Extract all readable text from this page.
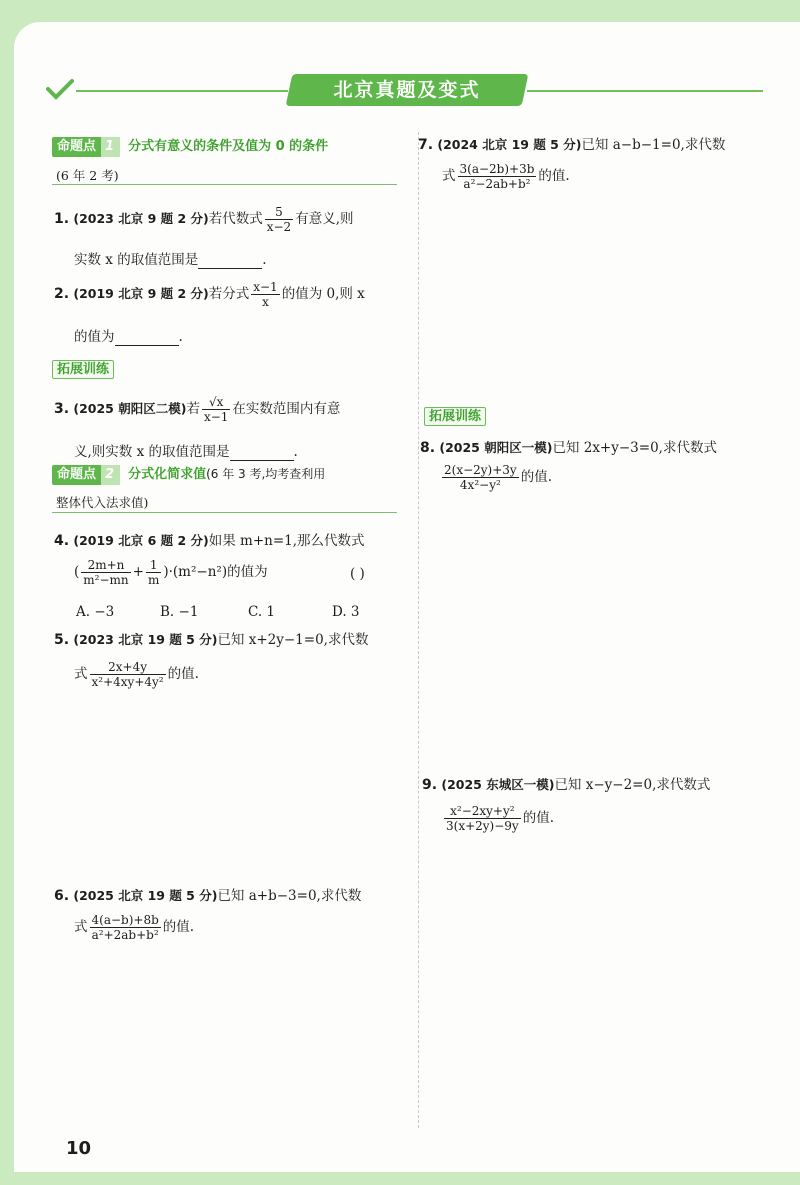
北京真题及变式
命题点 1 分式有意义的条件及值为 0 的条件
(6 年 2 考)
1. (2023 北京 9 题 2 分)若代数式 $\frac{5}{x-2}$ 有意义,则
实数 x 的取值范围是	.
2. (2019 北京 9 题 2 分)若分式 $\frac{x-1}{x}$ 的值为 0,则 x
的值为	.
拓展训练
3. (2025 朝阳区二模)若 $\frac{√x}{x-1}$ 在实数范围内有意
义,则实数 x 的取值范围是	.
命题点 2 分式化简求值(6 年 3 考,均考查利用
整体代入法求值)
4. (2019 北京 6 题 2 分)如果 m+n=1,那么代数式
( $\frac{2m+n}{\text{m²−mn}} + \frac{1}{m} )\cdot(m^2-n^2)$的值为	( )
A. −3	B. −1	C. 1	D. 3
5. (2023 北京 19 题 5 分)已知 x+2y−1=0,求代数
式 $\frac{2x+4y}{\text{x²+4xy+4y²}}$ 的值.
6. (2025 北京 19 题 5 分)已知 a+b−3=0,求代数
式 $\frac{4(a-b)+8b}{\text{a²+2ab+b²}}$ 的值.
7. (2024 北京 19 题 5 分)已知 a−b−1=0,求代数
式 $\frac{3(a-2b)+3b}{\text{a²−2ab+b²}}$ 的值.
拓展训练
8. (2025 朝阳区一模)已知 2x+y−3=0,求代数式
$\frac{2(x-2y)+3y}{\text{4x²−y²}}$ 的值.
9. (2025 东城区一模)已知 x−y−2=0,求代数式
$\frac{\text{x²−2xy+y²}}{3(x+2y)-9y}$ 的值.
10
